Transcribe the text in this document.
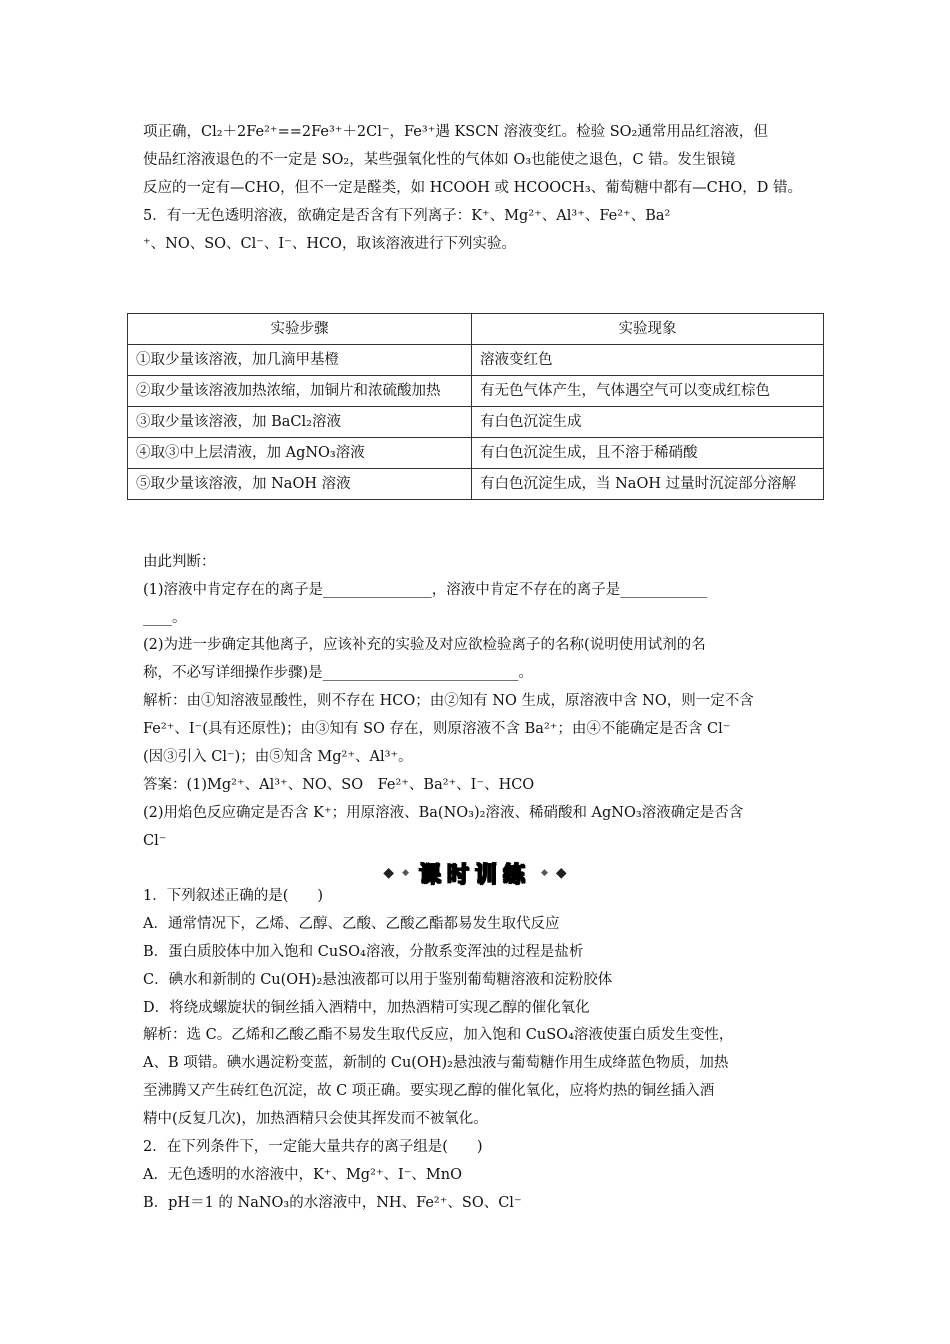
项正确，Cl₂＋2Fe²⁺==2Fe³⁺＋2Cl⁻，Fe³⁺遇 KSCN 溶液变红。检验 SO₂通常用品红溶液，但
使品红溶液退色的不一定是 SO₂，某些强氧化性的气体如 O₃也能使之退色，C 错。发生银镜
反应的一定有—CHO，但不一定是醛类，如 HCOOH 或 HCOOCH₃、葡萄糖中都有—CHO，D 错。
5．有一无色透明溶液，欲确定是否含有下列离子：K⁺、Mg²⁺、Al³⁺、Fe²⁺、Ba²
⁺、NO、SO、Cl⁻、I⁻、HCO，取该溶液进行下列实验。
实验步骤	实验现象
①取少量该溶液，加几滴甲基橙	溶液变红色
②取少量该溶液加热浓缩，加铜片和浓硫酸加热	有无色气体产生，气体遇空气可以变成红棕色
③取少量该溶液，加 BaCl₂溶液	有白色沉淀生成
④取③中上层清液，加 AgNO₃溶液	有白色沉淀生成，且不溶于稀硝酸
⑤取少量该溶液，加 NaOH 溶液	有白色沉淀生成，当 NaOH 过量时沉淀部分溶解
由此判断：
(1)溶液中肯定存在的离子是_______________，溶液中肯定不存在的离子是____________
____。
(2)为进一步确定其他离子，应该补充的实验及对应欲检验离子的名称(说明使用试剂的名
称，不必写详细操作步骤)是___________________________。
解析：由①知溶液显酸性，则不存在 HCO；由②知有 NO 生成，原溶液中含 NO，则一定不含
Fe²⁺、I⁻(具有还原性)；由③知有 SO 存在，则原溶液不含 Ba²⁺；由④不能确定是否含 Cl⁻
(因③引入 Cl⁻)；由⑤知含 Mg²⁺、Al³⁺。
答案：(1)Mg²⁺、Al³⁺、NO、SO　Fe²⁺、Ba²⁺、I⁻、HCO
(2)用焰色反应确定是否含 K⁺；用原溶液、Ba(NO₃)₂溶液、稀硝酸和 AgNO₃溶液确定是否含
Cl⁻
◆ ◆ 课时训练 ◆ ◆
1．下列叙述正确的是(　　)
A．通常情况下，乙烯、乙醇、乙酸、乙酸乙酯都易发生取代反应
B．蛋白质胶体中加入饱和 CuSO₄溶液，分散系变浑浊的过程是盐析
C．碘水和新制的 Cu(OH)₂悬浊液都可以用于鉴别葡萄糖溶液和淀粉胶体
D．将绕成螺旋状的铜丝插入酒精中，加热酒精可实现乙醇的催化氧化
解析：选 C。乙烯和乙酸乙酯不易发生取代反应，加入饱和 CuSO₄溶液使蛋白质发生变性，
A、B 项错。碘水遇淀粉变蓝，新制的 Cu(OH)₂悬浊液与葡萄糖作用生成绛蓝色物质，加热
至沸腾又产生砖红色沉淀，故 C 项正确。要实现乙醇的催化氧化，应将灼热的铜丝插入酒
精中(反复几次)，加热酒精只会使其挥发而不被氧化。
2．在下列条件下，一定能大量共存的离子组是(　　)
A．无色透明的水溶液中，K⁺、Mg²⁺、I⁻、MnO
B．pH＝1 的 NaNO₃的水溶液中，NH、Fe²⁺、SO、Cl⁻
